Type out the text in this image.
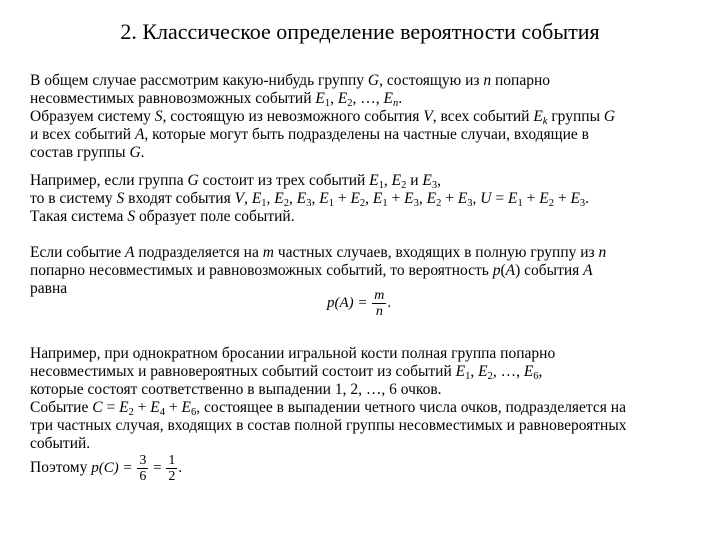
2. Классическое определение вероятности события
В общем случае рассмотрим какую-нибудь группу G, состоящую из n попарно
несовместимых равновозможных событий $E_1$, $E_2$, …, $E_n$.
Образуем систему S, состоящую из невозможного события V, всех событий $E_k$ группы G
и всех событий A, которые могут быть подразделены на частные случаи, входящие в
состав группы G.
Например, если группа G состоит из трех событий $E_1$, $E_2$ и $E_3$,
то в систему S входят события V, $E_1$, $E_2$, $E_3$, $E_1 + E_2$, $E_1 + E_3$, $E_2 + E_3$, $U = E_1 + E_2 + E_3$.
Такая система S образует поле событий.
Если событие A подразделяется на m частных случаев, входящих в полную группу из n
попарно несовместимых и равновозможных событий, то вероятность p(A) события A
равна
$p(A) = \frac{m}{n}$ .
Например, при однократном бросании игральной кости полная группа попарно
несовместимых и равновероятных событий состоит из событий $E_1$, $E_2$, …, $E_6$,
которые состоят соответственно в выпадении 1, 2, …, 6 очков.
Событие $C = E_2 + E_4 + E_6$, состоящее в выпадении четного числа очков, подразделяется на
три частных случая, входящих в состав полной группы несовместимых и равновероятных
событий.
Поэтому $p(C) = \frac{3}{6} = \frac{1}{2}$ .
